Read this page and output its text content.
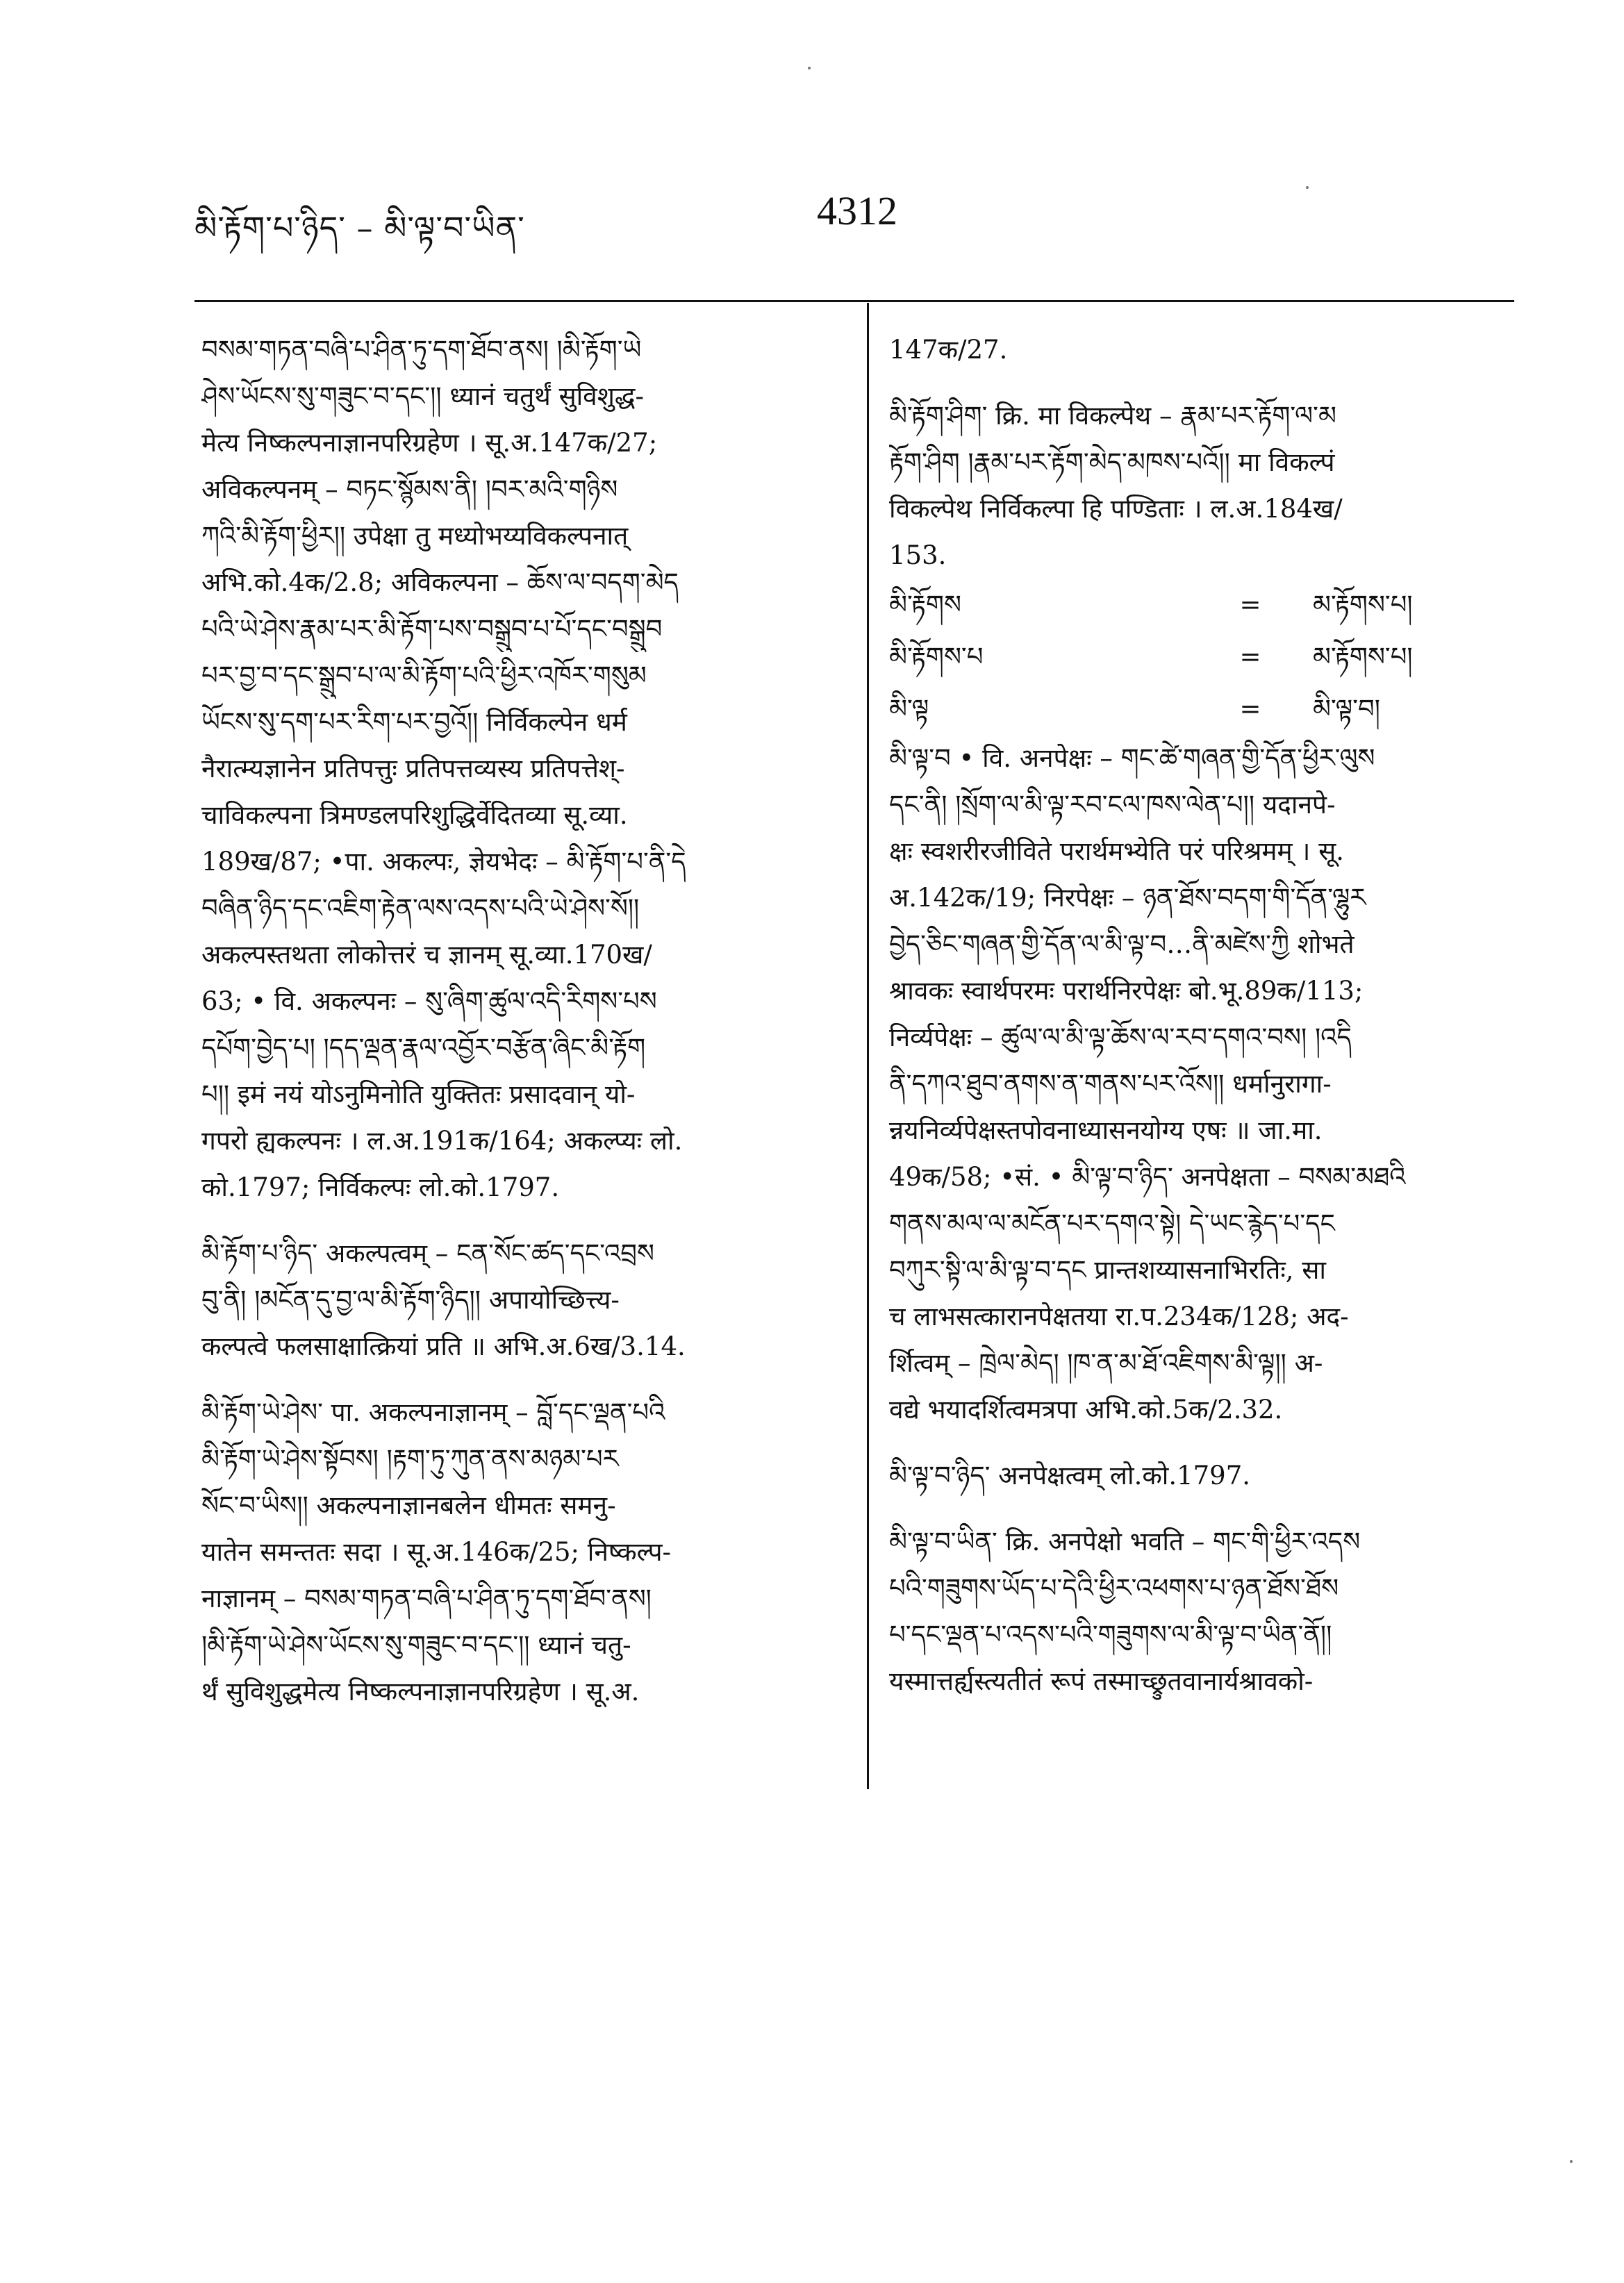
མི་རྟོག་པ་ཉིད་ – མི་ལྟ་བ་ཡིན་	4312
བསམ་གཏན་བཞི་པ་ཤིན་ཏུ་དག་ཐོབ་ནས། །མི་རྟོག་ཡེ
ཤེས་ཡོངས་སུ་གཟུང་བ་དང་།། ध्यानं चतुर्थं सुविशुद्ध-
मेत्य निष्कल्पनाज्ञानपरिग्रहेण । सू.अ.147क/27;
अविकल्पनम् – བཏང་སྙོམས་ནི། །བར་མའི་གཉིས
ཀའི་མི་རྟོག་ཕྱིར།། उपेक्षा तु मध्योभय्यविकल्पनात्
अभि.को.4क/2.8; अविकल्पना – ཆོས་ལ་བདག་མེད
པའི་ཡེ་ཤེས་རྣམ་པར་མི་རྟོག་པས་བསྒྲུབ་པ་པོ་དང་བསྒྲུབ
པར་བྱ་བ་དང་སྒྲུབ་པ་ལ་མི་རྟོག་པའི་ཕྱིར་འཁོར་གསུམ
ཡོངས་སུ་དག་པར་རིག་པར་བྱའོ།། निर्विकल्पेन धर्म
नैरात्म्यज्ञानेन प्रतिपत्तुः प्रतिपत्तव्यस्य प्रतिपत्तेश्-
चाविकल्पना त्रिमण्डलपरिशुद्धिर्वेदितव्या सू.व्या.
189ख/87; •पा. अकल्पः, ज्ञेयभेदः – མི་རྟོག་པ་ནི་དེ
བཞིན་ཉིད་དང་འཇིག་རྟེན་ལས་འདས་པའི་ཡེ་ཤེས་སོ།།
अकल्पस्तथता लोकोत्तरं च ज्ञानम् सू.व्या.170ख/
63; • वि. अकल्पनः – སུ་ཞིག་ཚུལ་འདི་རིགས་པས
དཔོག་བྱེད་པ། །དད་ལྡན་རྣལ་འབྱོར་བརྩོན་ཞིང་མི་རྟོག
པ།། इमं नयं योऽनुमिनोति युक्तितः प्रसादवान् यो-
गपरो ह्यकल्पनः । ल.अ.191क/164; अकल्प्यः लो.
को.1797; निर्विकल्पः लो.को.1797.
མི་རྟོག་པ་ཉིད་ अकल्पत्वम् – ངན་སོང་ཚད་དང་འབྲས
བུ་ནི། །མངོན་དུ་བྱ་ལ་མི་རྟོག་ཉིད།། अपायोच्छित्त्य-
कल्पत्वे फलसाक्षात्क्रियां प्रति ॥ अभि.अ.6ख/3.14.
མི་རྟོག་ཡེ་ཤེས་ पा. अकल्पनाज्ञानम् – བློ་དང་ལྡན་པའི
མི་རྟོག་ཡེ་ཤེས་སྟོབས། །རྟག་ཏུ་ཀུན་ནས་མཉམ་པར
སོང་བ་ཡིས།། अकल्पनाज्ञानबलेन धीमतः समनु-
यातेन समन्ततः सदा । सू.अ.146क/25; निष्कल्प-
नाज्ञानम् – བསམ་གཏན་བཞི་པ་ཤིན་ཏུ་དག་ཐོབ་ནས།
།མི་རྟོག་ཡེ་ཤེས་ཡོངས་སུ་གཟུང་བ་དང་།། ध्यानं चतु-
र्थं सुविशुद्धमेत्य निष्कल्पनाज्ञानपरिग्रहेण । सू.अ.
147क/27.
མི་རྟོག་ཤིག་ क्रि. मा विकल्पेथ – རྣམ་པར་རྟོག་ལ་མ
རྟོག་ཤིག །རྣམ་པར་རྟོག་མེད་མཁས་པའོ།། मा विकल्पं
विकल्पेथ निर्विकल्पा हि पण्डिताः । ल.अ.184ख/
153.
མི་རྟོགས	=	མ་རྟོགས་པ།
མི་རྟོགས་པ	=	མ་རྟོགས་པ།
མི་ལྟ	=	མི་ལྟ་བ།
མི་ལྟ་བ • वि. अनपेक्षः – གང་ཚེ་གཞན་གྱི་དོན་ཕྱིར་ལུས
དང་ནི། །སྲོག་ལ་མི་ལྟ་རབ་ངལ་ཁས་ལེན་པ།། यदानपे-
क्षः स्वशरीरजीविते परार्थमभ्येति परं परिश्रमम् । सू.
अ.142क/19; निरपेक्षः – ཉན་ཐོས་བདག་གི་དོན་ལྷུར
བྱེད་ཅིང་གཞན་གྱི་དོན་ལ་མི་ལྟ་བ…ནི་མཛེས་ཀྱི शोभते
श्रावकः स्वार्थपरमः परार्थनिरपेक्षः बो.भू.89क/113;
निर्व्यपेक्षः – ཚུལ་ལ་མི་ལྟ་ཆོས་ལ་རབ་དགའ་བས། །འདི
ནི་དཀའ་ཐུབ་ནགས་ན་གནས་པར་འོས།། धर्मानुरागा-
न्नयनिर्व्यपेक्षस्तपोवनाध्यासनयोग्य एषः ॥ जा.मा.
49क/58; •सं. • མི་ལྟ་བ་ཉིད་ अनपेक्षता – བསམ་མཐའི
གནས་མལ་ལ་མངོན་པར་དགའ་སྟེ། དེ་ཡང་རྙེད་པ་དང
བཀུར་སྟི་ལ་མི་ལྟ་བ་དང प्रान्तशय्यासनाभिरतिः, सा
च लाभसत्कारानपेक्षतया रा.प.234क/128; अद-
र्शित्वम् – ཁྲེལ་མེད། །ཁ་ན་མ་ཐོ་འཇིགས་མི་ལྟ།། अ-
वद्ये भयादर्शित्वमत्रपा अभि.को.5क/2.32.
མི་ལྟ་བ་ཉིད་ अनपेक्षत्वम् लो.को.1797.
མི་ལྟ་བ་ཡིན་ क्रि. अनपेक्षो भवति – གང་གི་ཕྱིར་འདས
པའི་གཟུགས་ཡོད་པ་དེའི་ཕྱིར་འཕགས་པ་ཉན་ཐོས་ཐོས
པ་དང་ལྡན་པ་འདས་པའི་གཟུགས་ལ་མི་ལྟ་བ་ཡིན་ནོ།།
यस्मात्तर्ह्यस्त्यतीतं रूपं तस्माच्छ्रुतवानार्यश्रावको-
